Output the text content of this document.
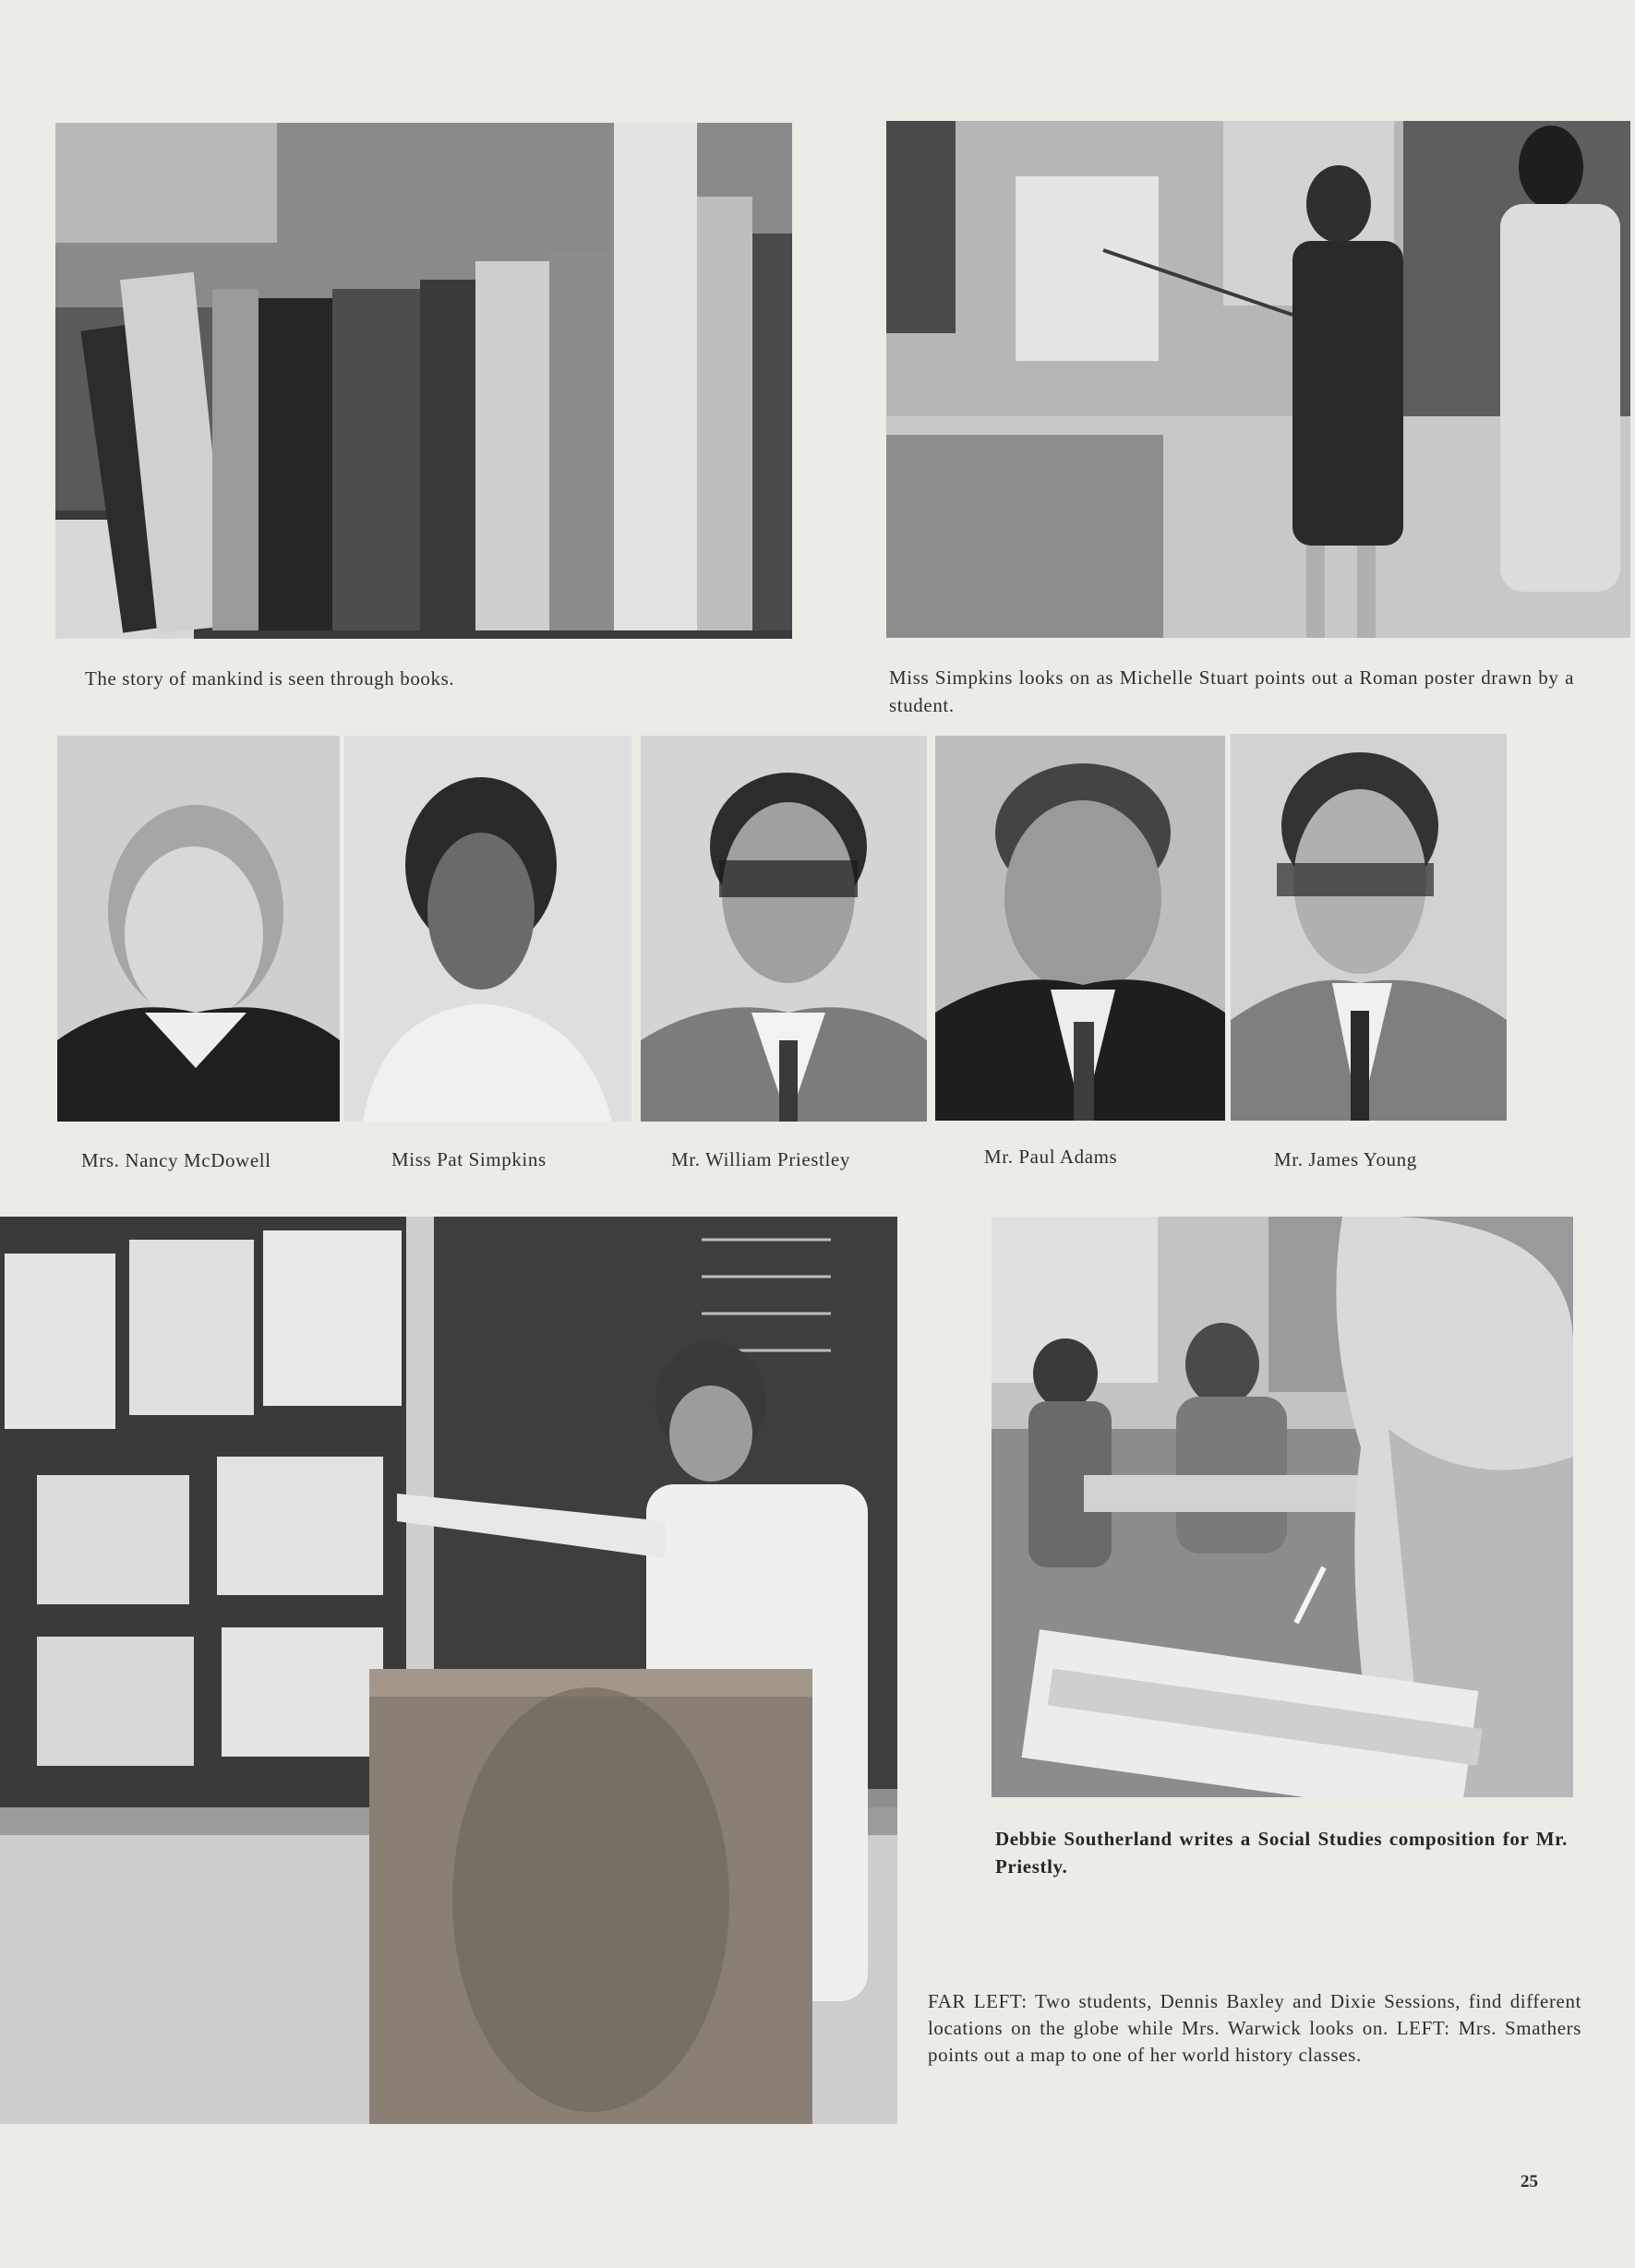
The story of mankind is seen through books.	Miss Simpkins looks on as Michelle Stuart points out a Roman poster drawn by a student.
Mrs. Nancy McDowell	Miss Pat Simpkins	Mr. William Priestley	Mr. Paul Adams	Mr. James Young
Debbie Southerland writes a Social Studies composition for Mr. Priestly.
FAR LEFT: Two students, Dennis Baxley and Dixie Sessions, find different locations on the globe while Mrs. Warwick looks on. LEFT: Mrs. Smathers points out a map to one of her world history classes.
25
